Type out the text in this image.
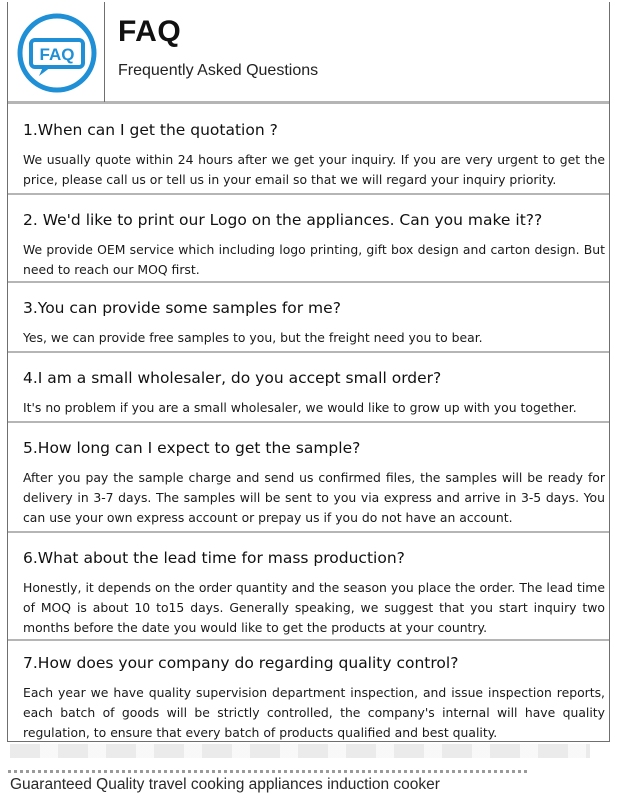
FAQ
FAQ
Frequently Asked Questions
1.When can I get the quotation ?
We usually quote within 24 hours after we get your inquiry. If you are very urgent to get the price, please call us or tell us in your email so that we will regard your inquiry priority.
2. We'd like to print our Logo on the appliances. Can you make it??
We provide OEM service which including logo printing, gift box design and carton design. But need to reach our MOQ first.
3.You can provide some samples for me?
Yes, we can provide free samples to you, but the freight need you to bear.
4.I am a small wholesaler, do you accept small order?
It's no problem if you are a small wholesaler, we would like to grow up with you together.
5.How long can I expect to get the sample?
After you pay the sample charge and send us confirmed files, the samples will be ready for delivery in 3-7 days. The samples will be sent to you via express and arrive in 3-5 days. You can use your own express account or prepay us if you do not have an account.
6.What about the lead time for mass production?
Honestly, it depends on the order quantity and the season you place the order. The lead time of MOQ is about 10 to15 days. Generally speaking, we suggest that you start inquiry two months before the date you would like to get the products at your country.
7.How does your company do regarding quality control?
Each year we have quality supervision department inspection, and issue inspection reports, each batch of goods will be strictly controlled, the company's internal will have quality regulation, to ensure that every batch of products qualified and best quality.
Guaranteed Quality travel cooking appliances induction cooker
